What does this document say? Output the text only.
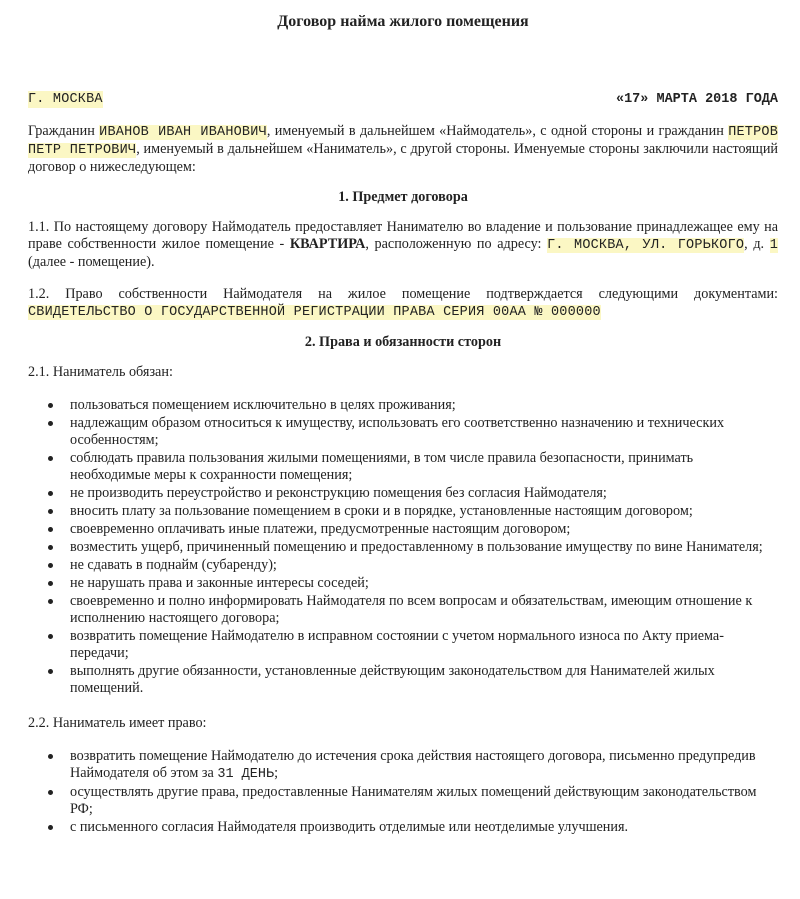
Договор найма жилого помещения
Г. МОСКВА	«17» МАРТА 2018 ГОДА

Гражданин ИВАНОВ ИВАН ИВАНОВИЧ, именуемый в дальнейшем «Наймодатель», с одной стороны и гражданин ПЕТРОВ ПЕТР ПЕТРОВИЧ, именуемый в дальнейшем «Наниматель», с другой стороны. Именуемые стороны заключили настоящий договор о нижеследующем:

1. Предмет договора

1.1. По настоящему договору Наймодатель предоставляет Нанимателю во владение и пользование принадлежащее ему на праве собственности жилое помещение - КВАРТИРА, расположенную по адресу: Г. МОСКВА, УЛ. ГОРЬКОГО, д. 1 (далее - помещение).

1.2. Право собственности Наймодателя на жилое помещение подтверждается следующими документами: СВИДЕТЕЛЬСТВО О ГОСУДАРСТВЕННОЙ РЕГИСТРАЦИИ ПРАВА СЕРИЯ 00АА № 000000

2. Права и обязанности сторон

2.1. Наниматель обязан:

пользоваться помещением исключительно в целях проживания;
надлежащим образом относиться к имуществу, использовать его соответственно назначению и технических особенностям;
соблюдать правила пользования жилыми помещениями, в том числе правила безопасности, принимать необходимые меры к сохранности помещения;
не производить переустройство и реконструкцию помещения без согласия Наймодателя;
вносить плату за пользование помещением в сроки и в порядке, установленные настоящим договором;
своевременно оплачивать иные платежи, предусмотренные настоящим договором;
возместить ущерб, причиненный помещению и предоставленному в пользование имуществу по вине Нанимателя;
не сдавать в поднайм (субаренду);
не нарушать права и законные интересы соседей;
своевременно и полно информировать Наймодателя по всем вопросам и обязательствам, имеющим отношение к исполнению настоящего договора;
возвратить помещение Наймодателю в исправном состоянии с учетом нормального износа по Акту приема-передачи;
выполнять другие обязанности, установленные действующим законодательством для Нанимателей жилых помещений.

2.2. Наниматель имеет право:

возвратить помещение Наймодателю до истечения срока действия настоящего договора, письменно предупредив Наймодателя об этом за 31 ДЕНЬ;
осуществлять другие права, предоставленные Нанимателям жилых помещений действующим законодательством РФ;
с письменного согласия Наймодателя производить отделимые или неотделимые улучшения.
